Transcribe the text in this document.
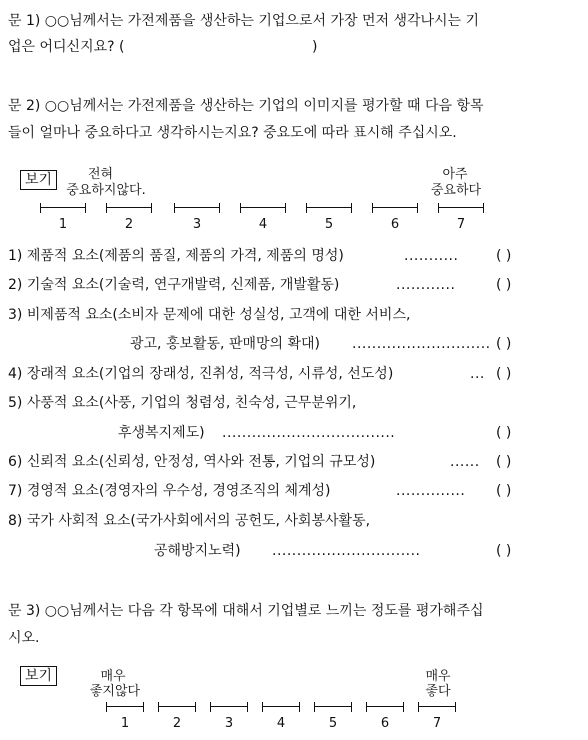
문 1) ○○님께서는 가전제품을 생산하는 기업으로서 가장 먼저 생각나시는 기
업은 어디신지요? (	)
문 2) ○○님께서는 가전제품을 생산하는 기업의 이미지를 평가할 때 다음 항목
들이 얼마나 중요하다고 생각하시는지요? 중요도에 따라 표시해 주십시오.
보기	전혀
중요하지않다.
아주
중요하다
1	2	3	4	5	6	7
1) 제품적 요소(제품의 품질, 제품의 가격, 제품의 명성)	...........	( )
2) 기술적 요소(기술력, 연구개발력, 신제품, 개발활동)	............	( )
3) 비제품적 요소(소비자 문제에 대한 성실성, 고객에 대한 서비스,
광고, 홍보활동, 판매망의 확대) ............................ ( )
4) 장래적 요소(기업의 장래성, 진취성, 적극성, 시류성, 선도성)	... ( )
5) 사풍적 요소(사풍, 기업의 청렴성, 친숙성, 근무분위기,
후생복지제도) ...................................	( )
6) 신뢰적 요소(신뢰성, 안정성, 역사와 전통, 기업의 규모성)	...... ( )
7) 경영적 요소(경영자의 우수성, 경영조직의 체계성)	.............. ( )
8) 국가 사회적 요소(국가사회에서의 공헌도, 사회봉사활동,
공해방지노력) ..............................	( )
문 3) ○○님께서는 다음 각 항목에 대해서 기업별로 느끼는 정도를 평가해주십
시오.
보기	매우
좋지않다
매우
좋다
1	2	3	4	5	6	7
